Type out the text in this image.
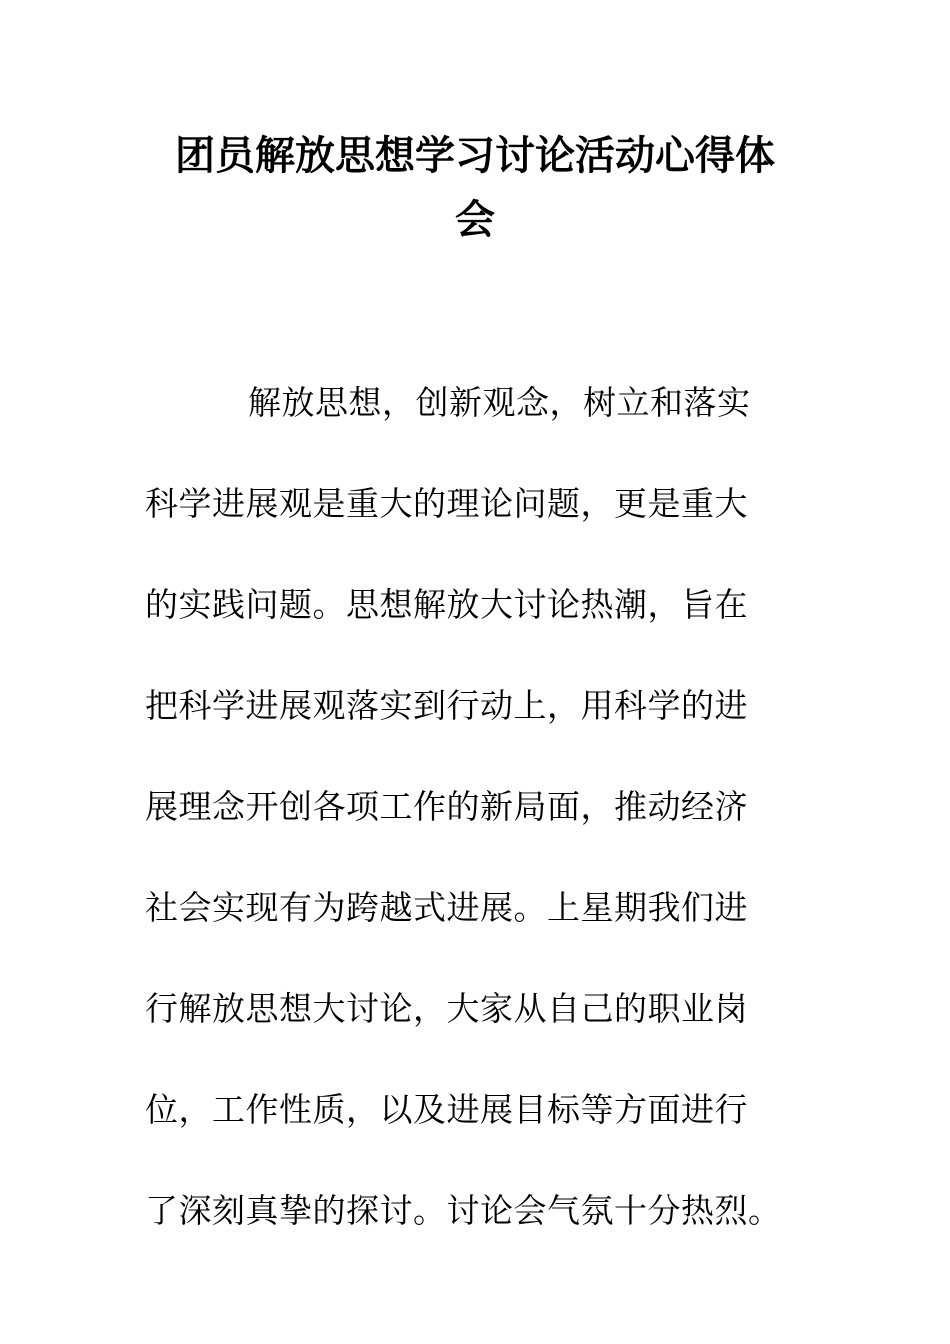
团员解放思想学习讨论活动心得体
会
解放思想，创新观念，树立和落实
科学进展观是重大的理论问题，更是重大
的实践问题。思想解放大讨论热潮，旨在
把科学进展观落实到行动上，用科学的进
展理念开创各项工作的新局面，推动经济
社会实现有为跨越式进展。上星期我们进
行解放思想大讨论，大家从自己的职业岗
位，工作性质，以及进展目标等方面进行
了深刻真挚的探讨。讨论会气氛十分热烈。
